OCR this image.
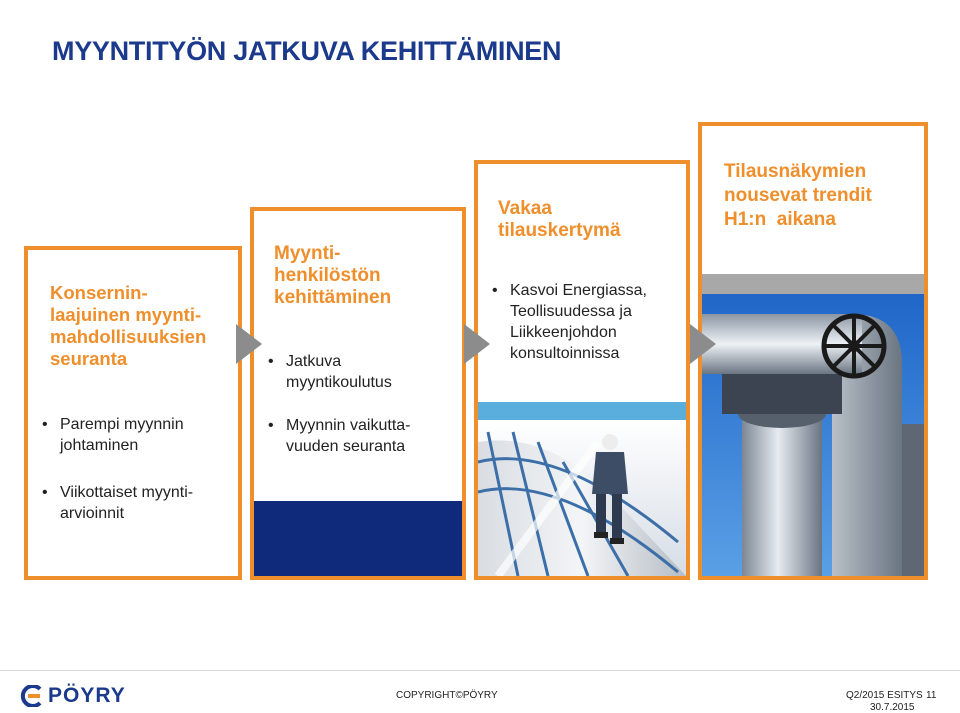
MYYNTITYÖN JATKUVA KEHITTÄMINEN
Konsernin-
laajuinen myynti-
mahdollisuuksien
seuranta
• Parempi myynnin johtaminen
• Viikottaiset myynti-arvioinnit
Myynti-
henkilöstön
kehittäminen
• Jatkuva myyntikoulutus
• Myynnin vaikutta-vuuden seuranta
Vakaa
tilauskertymä
• Kasvoi Energiassa, Teollisuudessa ja Liikkeenjohdon konsultoinnissa
Tilausnäkymien
nousevat trendit
H1:n  aikana
PÖYRY	COPYRIGHT©PÖYRY	Q2/2015 ESITYS
30.7.2015
11
